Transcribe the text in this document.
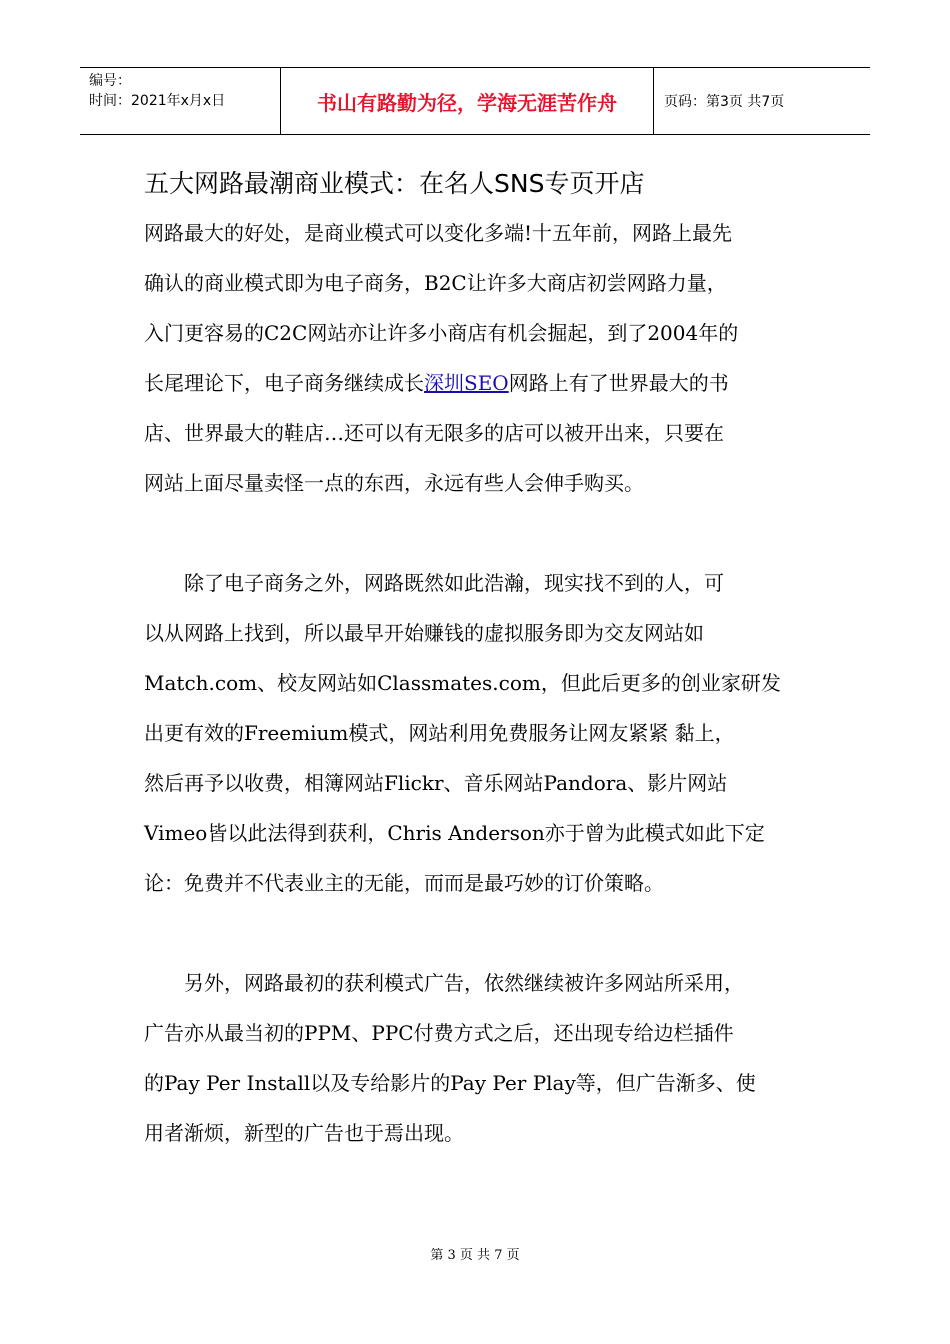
编号：
时间：2021年x月x日	书山有路勤为径，学海无涯苦作舟	页码：第3页 共7页
五大网路最潮商业模式：在名人SNS专页开店

网路最大的好处，是商业模式可以变化多端!十五年前，网路上最先

确认的商业模式即为电子商务，B2C让许多大商店初尝网路力量，

入门更容易的C2C网站亦让许多小商店有机会掘起，到了2004年的

长尾理论下，电子商务继续成长深圳SEO网路上有了世界最大的书

店、世界最大的鞋店…还可以有无限多的店可以被开出来，只要在

网站上面尽量卖怪一点的东西，永远有些人会伸手购买。

　　除了电子商务之外，网路既然如此浩瀚，现实找不到的人，可

以从网路上找到，所以最早开始赚钱的虚拟服务即为交友网站如

Match.com、校友网站如Classmates.com，但此后更多的创业家研发

出更有效的Freemium模式，网站利用免费服务让网友紧紧 黏上，

然后再予以收费，相簿网站Flickr、音乐网站Pandora、影片网站

Vimeo皆以此法得到获利，Chris Anderson亦于曾为此模式如此下定

论：免费并不代表业主的无能，而而是最巧妙的订价策略。

　　另外，网路最初的获利模式广告，依然继续被许多网站所采用，

广告亦从最当初的PPM、PPC付费方式之后，还出现专给边栏插件

的Pay Per Install以及专给影片的Pay Per Play等，但广告渐多、使

用者渐烦，新型的广告也于焉出现。

第 3 页 共 7 页
